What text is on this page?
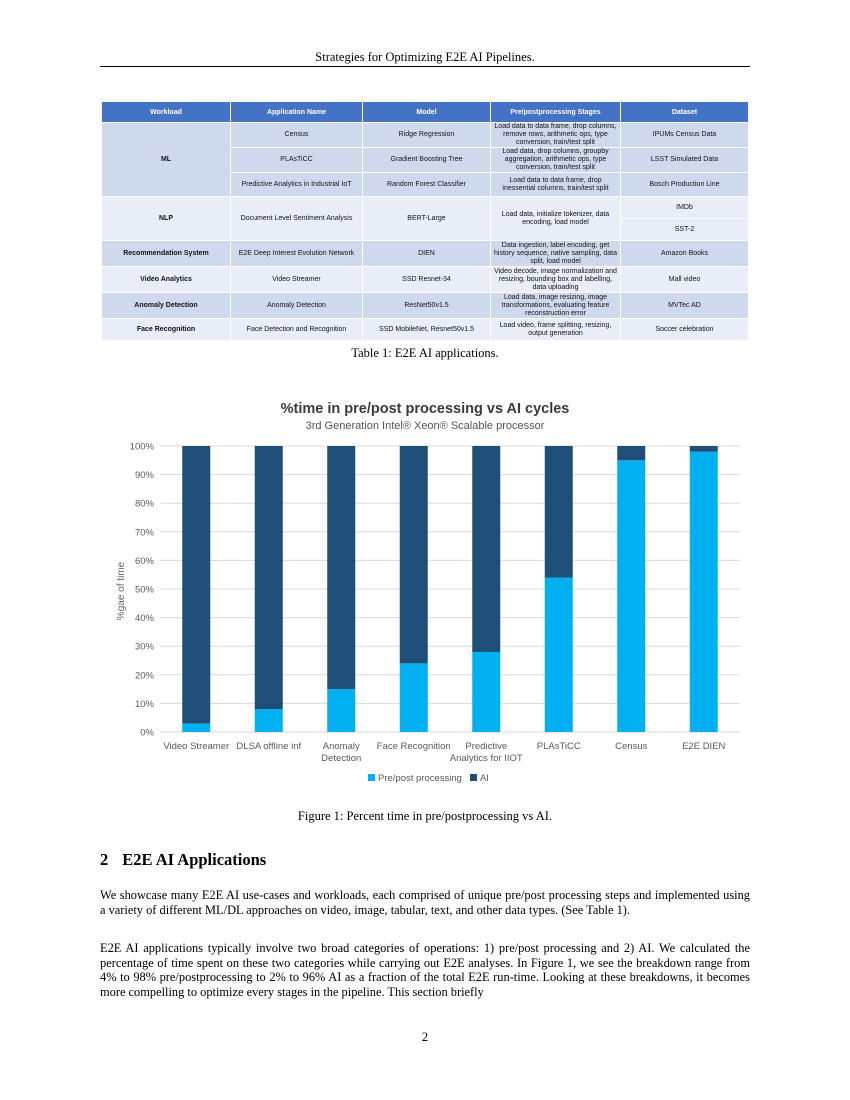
Strategies for Optimizing E2E AI Pipelines.
Workload	Application Name	Model	Pre/postprocessing Stages	Dataset
ML	Census	Ridge Regression	Load data to data frame, drop columns, remove rows, arithmetic ops, type conversion, train/test split	IPUMs Census Data
	PLAsTiCC	Gradient Boosting Tree	Load data, drop columns, groupby aggregation, arithmetic ops, type conversion, train/test split	LSST Simulated Data
	Predictive Analytics in Industrial IoT	Random Forest Classifier	Load data to data frame, drop inessential columns, train/test split	Bosch Production Line
NLP	Document Level Sentiment Analysis	BERT-Large	Load data, initialize tokenizer, data encoding, load model	IMDb
				SST-2
Recommendation System	E2E Deep Interest Evolution Network	DIEN	Data ingestion, label encoding, get history sequence, native sampling, data split, load model	Amazon Books
Video Analytics	Video Streamer	SSD Resnet-34	Video decode, image normalization and resizing, bounding box and labelling, data uploading	Mall video
Anomaly Detection	Anomaly Detection	ResNet50v1.5	Load data, image resizing, image transformations, evaluating feature reconstruction error	MVTec AD
Face Recognition	Face Detection and Recognition	SSD MobileNet, Resnet50v1.5	Load video, frame splitting, resizing, output generation	Soccer celebration
Table 1: E2E AI applications.
%time in pre/post processing vs AI cycles
3rd Generation Intel® Xeon® Scalable processor
%gae of time
0%
10%
20%
30%
40%
50%
60%
70%
80%
90%
100%
Video Streamer DLSA offline inf Anomaly
Detection
Face Recognition Predictive
Analytics for IIOT
PLAsTiCC	Census	E2E DIEN
Pre/post processing AI
Figure 1: Percent time in pre/postprocessing vs AI.
2 E2E AI Applications

We showcase many E2E AI use-cases and workloads, each comprised of unique pre/post processing steps and implemented using a variety of different ML/DL approaches on video, image, tabular, text, and other data types. (See Table 1).

E2E AI applications typically involve two broad categories of operations: 1) pre/post processing and 2) AI. We calculated the percentage of time spent on these two categories while carrying out E2E analyses. In Figure 1, we see the breakdown range from 4% to 98% pre/postprocessing to 2% to 96% AI as a fraction of the total E2E run-time. Looking at these breakdowns, it becomes more compelling to optimize every stages in the pipeline. This section briefly

2
